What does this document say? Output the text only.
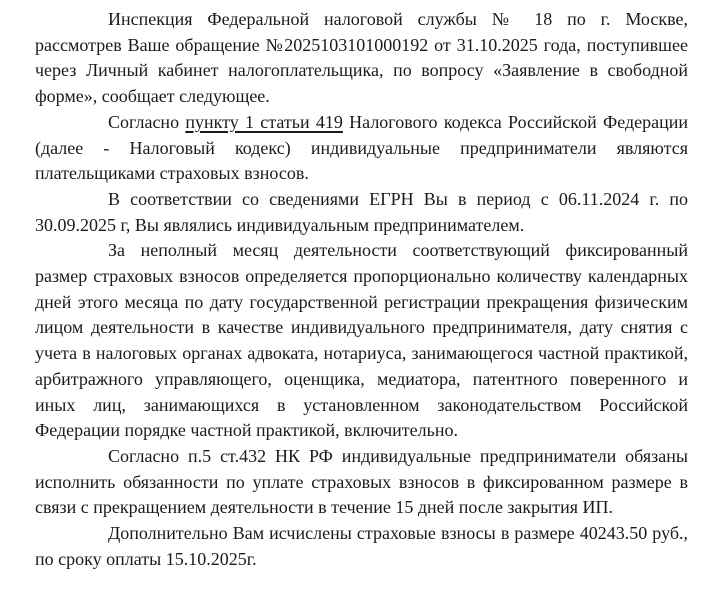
Инспекция Федеральной налоговой службы № 18 по г. Москве,
рассмотрев Ваше обращение №2025103101000192 от 31.10.2025 года, поступившее
через Личный кабинет налогоплательщика, по вопросу «Заявление в свободной
форме», сообщает следующее.
Согласно пункту 1 статьи 419 Налогового кодекса Российской Федерации
(далее - Налоговый кодекс) индивидуальные предприниматели являются
плательщиками страховых взносов.
В соответствии со сведениями ЕГРН Вы в период с 06.11.2024 г. по
30.09.2025 г, Вы являлись индивидуальным предпринимателем.
За неполный месяц деятельности соответствующий фиксированный
размер страховых взносов определяется пропорционально количеству календарных
дней этого месяца по дату государственной регистрации прекращения физическим
лицом деятельности в качестве индивидуального предпринимателя, дату снятия с
учета в налоговых органах адвоката, нотариуса, занимающегося частной практикой,
арбитражного управляющего, оценщика, медиатора, патентного поверенного и
иных лиц, занимающихся в установленном законодательством Российской
Федерации порядке частной практикой, включительно.
Согласно п.5 ст.432 НК РФ индивидуальные предприниматели обязаны
исполнить обязанности по уплате страховых взносов в фиксированном размере в
связи с прекращением деятельности в течение 15 дней после закрытия ИП.
Дополнительно Вам исчислены страховые взносы в размере 40243.50 руб.,
по сроку оплаты 15.10.2025г.
